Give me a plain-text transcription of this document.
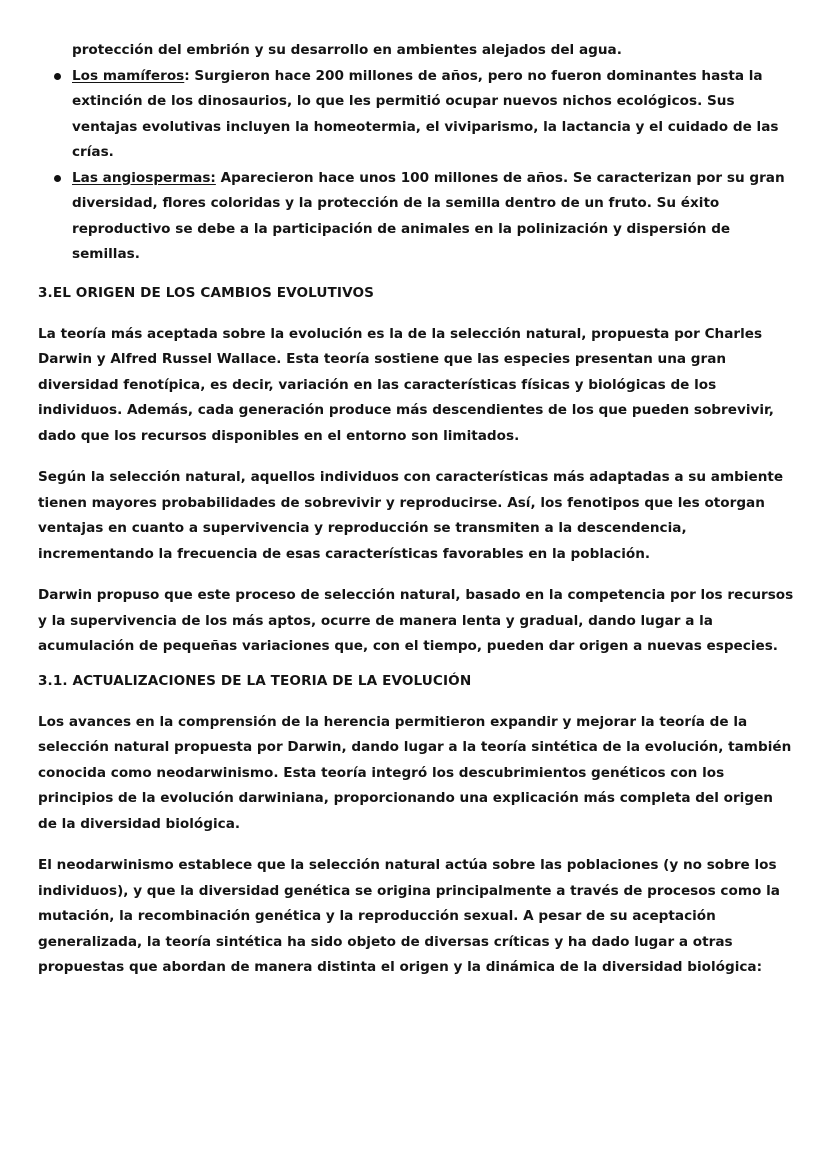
protección del embrión y su desarrollo en ambientes alejados del agua.

Los mamíferos: Surgieron hace 200 millones de años, pero no fueron dominantes hasta la extinción de los dinosaurios, lo que les permitió ocupar nuevos nichos ecológicos. Sus ventajas evolutivas incluyen la homeotermia, el viviparismo, la lactancia y el cuidado de las crías.
Las angiospermas: Aparecieron hace unos 100 millones de años. Se caracterizan por su gran diversidad, flores coloridas y la protección de la semilla dentro de un fruto. Su éxito reproductivo se debe a la participación de animales en la polinización y dispersión de semillas.
3.EL ORIGEN DE LOS CAMBIOS EVOLUTIVOS

La teoría más aceptada sobre la evolución es la de la selección natural, propuesta por Charles Darwin y Alfred Russel Wallace. Esta teoría sostiene que las especies presentan una gran diversidad fenotípica, es decir, variación en las características físicas y biológicas de los individuos. Además, cada generación produce más descendientes de los que pueden sobrevivir, dado que los recursos disponibles en el entorno son limitados.

Según la selección natural, aquellos individuos con características más adaptadas a su ambiente tienen mayores probabilidades de sobrevivir y reproducirse. Así, los fenotipos que les otorgan ventajas en cuanto a supervivencia y reproducción se transmiten a la descendencia, incrementando la frecuencia de esas características favorables en la población.

Darwin propuso que este proceso de selección natural, basado en la competencia por los recursos y la supervivencia de los más aptos, ocurre de manera lenta y gradual, dando lugar a la acumulación de pequeñas variaciones que, con el tiempo, pueden dar origen a nuevas especies.

3.1. ACTUALIZACIONES DE LA TEORIA DE LA EVOLUCIÓN

Los avances en la comprensión de la herencia permitieron expandir y mejorar la teoría de la selección natural propuesta por Darwin, dando lugar a la teoría sintética de la evolución, también conocida como neodarwinismo. Esta teoría integró los descubrimientos genéticos con los principios de la evolución darwiniana, proporcionando una explicación más completa del origen de la diversidad biológica.

El neodarwinismo establece que la selección natural actúa sobre las poblaciones (y no sobre los individuos), y que la diversidad genética se origina principalmente a través de procesos como la mutación, la recombinación genética y la reproducción sexual. A pesar de su aceptación generalizada, la teoría sintética ha sido objeto de diversas críticas y ha dado lugar a otras propuestas que abordan de manera distinta el origen y la dinámica de la diversidad biológica:
